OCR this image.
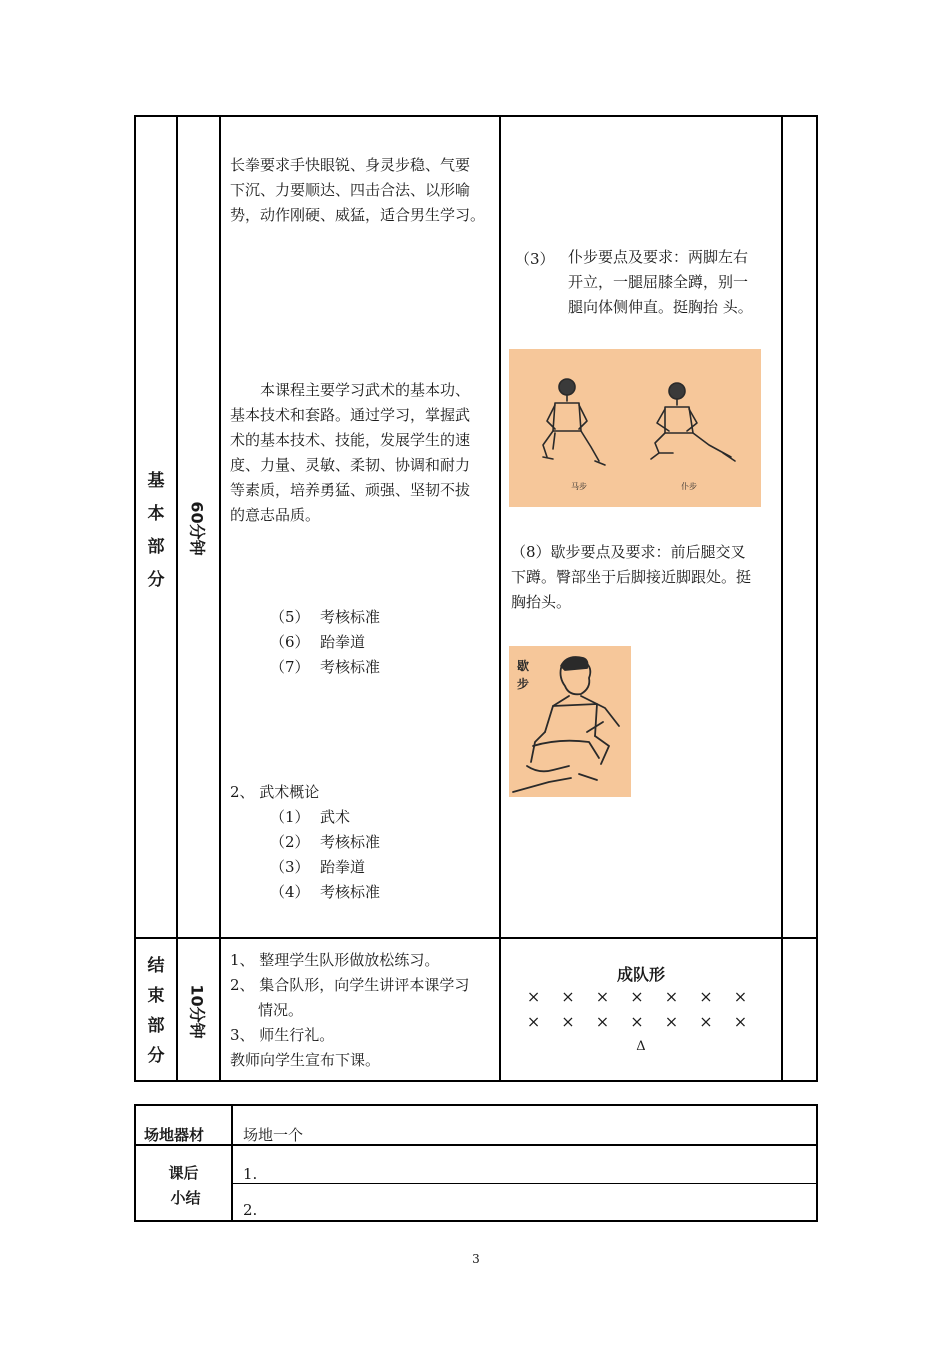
基
本
部
分
60分钟
长拳要求手快眼锐、身灵步稳、气要
下沉、力要顺达、四击合法、以形喻
势，动作刚硬、威猛，适合男生学习。
本课程主要学习武术的基本功、
基本技术和套路。通过学习，掌握武
术的基本技术、技能，发展学生的速
度、力量、灵敏、柔韧、协调和耐力
等素质，培养勇猛、顽强、坚韧不拔
的意志品质。
（5） 考核标准
（6） 跆拳道
（7） 考核标准
2、 武术概论
（1） 武术
（2） 考核标准
（3） 跆拳道
（4） 考核标准
（3） 仆步要点及要求：两脚左右
开立，一腿屈膝全蹲，别一
腿向体侧伸直。挺胸抬 头。
马步	仆步
（8）歇步要点及要求：前后腿交叉
下蹲。臀部坐于后脚接近脚跟处。挺
胸抬头。
歇
步
结
束
部
分
10分钟
1、 整理学生队形做放松练习。
2、 集合队形，向学生讲评本课学习
情况。
3、 师生行礼。
教师向学生宣布下课。
成队形
× × × × × × ×
× × × × × × ×
Δ
场地器材	场地一个
课后
小结
1.
2.
3
